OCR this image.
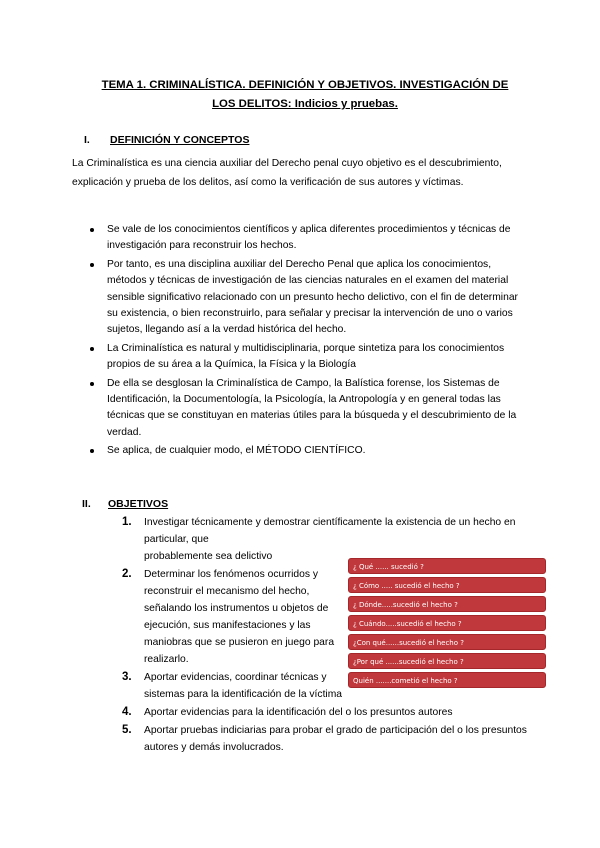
TEMA 1. CRIMINALÍSTICA. DEFINICIÓN Y OBJETIVOS. INVESTIGACIÓN DE
LOS DELITOS: Indicios y pruebas.
I. DEFINICIÓN Y CONCEPTOS
La Criminalística es una ciencia auxiliar del Derecho penal cuyo objetivo es el descubrimiento, explicación y prueba de los delitos, así como la verificación de sus autores y víctimas.
Se vale de los conocimientos científicos y aplica diferentes procedimientos y técnicas de investigación para reconstruir los hechos.
Por tanto, es una disciplina auxiliar del Derecho Penal que aplica los conocimientos, métodos y técnicas de investigación de las ciencias naturales en el examen del material sensible significativo relacionado con un presunto hecho delictivo, con el fin de determinar su existencia, o bien reconstruirlo, para señalar y precisar la intervención de uno o varios sujetos, llegando así a la verdad histórica del hecho.
La Criminalística es natural y multidisciplinaria, porque sintetiza para los conocimientos propios de su área a la Química, la Física y la Biología
De ella se desglosan la Criminalística de Campo, la Balística forense, los Sistemas de Identificación, la Documentología, la Psicología, la Antropología y en general todas las técnicas que se constituyan en materias útiles para la búsqueda y el descubrimiento de la verdad.
Se aplica, de cualquier modo, el MÉTODO CIENTÍFICO.
II. OBJETIVOS
1. Investigar técnicamente y demostrar científicamente la existencia de un hecho en particular, que
probablemente sea delictivo
2. Determinar los fenómenos ocurridos y reconstruir el mecanismo del hecho, señalando los instrumentos u objetos de ejecución, sus manifestaciones y las maniobras que se pusieron en juego para realizarlo.
3. Aportar evidencias, coordinar técnicas y sistemas para la identificación de la víctima
4. Aportar evidencias para la identificación del o los presuntos autores
5. Aportar pruebas indiciarias para probar el grado de participación del o los presuntos autores y demás involucrados.
¿ Qué ...... sucedió ?
¿ Cómo ..... sucedió el hecho ?
¿ Dónde.....sucedió el hecho ?
¿ Cuándo.....sucedió el hecho ?
¿Con qué......sucedió el hecho ?
¿Por qué ......sucedió el hecho ?
Quién .......cometió el hecho ?
